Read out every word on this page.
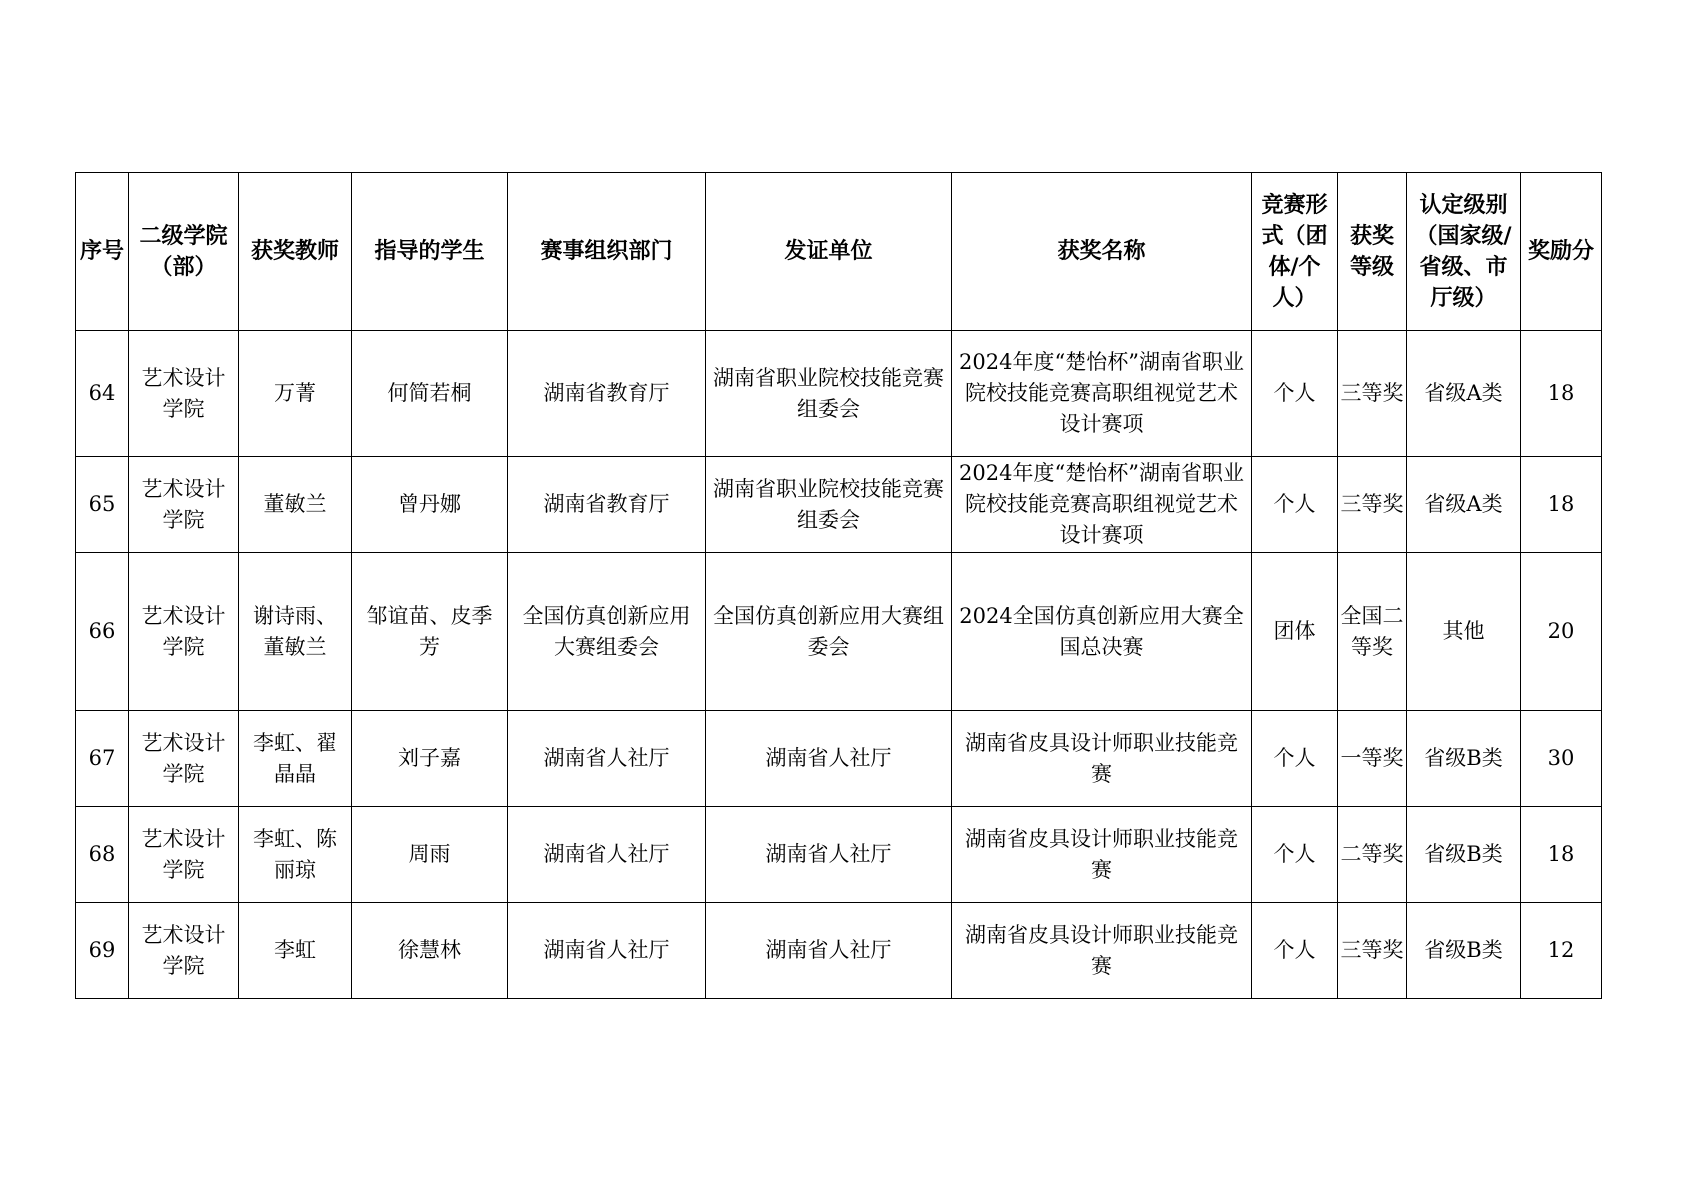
序号	二级学院（部）	获奖教师	指导的学生	赛事组织部门	发证单位	获奖名称	竞赛形式（团体/个人）	获奖等级	认定级别（国家级/省级、市厅级）	奖励分
64	艺术设计学院	万菁	何简若桐	湖南省教育厅	湖南省职业院校技能竞赛组委会	2024年度“楚怡杯”湖南省职业院校技能竞赛高职组视觉艺术设计赛项	个人	三等奖	省级A类	18
65	艺术设计学院	董敏兰	曾丹娜	湖南省教育厅	湖南省职业院校技能竞赛组委会	2024年度“楚怡杯”湖南省职业院校技能竞赛高职组视觉艺术设计赛项	个人	三等奖	省级A类	18
66	艺术设计学院	谢诗雨、董敏兰	邹谊苗、皮季芳	全国仿真创新应用大赛组委会	全国仿真创新应用大赛组委会	2024全国仿真创新应用大赛全国总决赛	团体	全国二等奖	其他	20
67	艺术设计学院	李虹、翟晶晶	刘子嘉	湖南省人社厅	湖南省人社厅	湖南省皮具设计师职业技能竞赛	个人	一等奖	省级B类	30
68	艺术设计学院	李虹、陈丽琼	周雨	湖南省人社厅	湖南省人社厅	湖南省皮具设计师职业技能竞赛	个人	二等奖	省级B类	18
69	艺术设计学院	李虹	徐慧林	湖南省人社厅	湖南省人社厅	湖南省皮具设计师职业技能竞赛	个人	三等奖	省级B类	12
